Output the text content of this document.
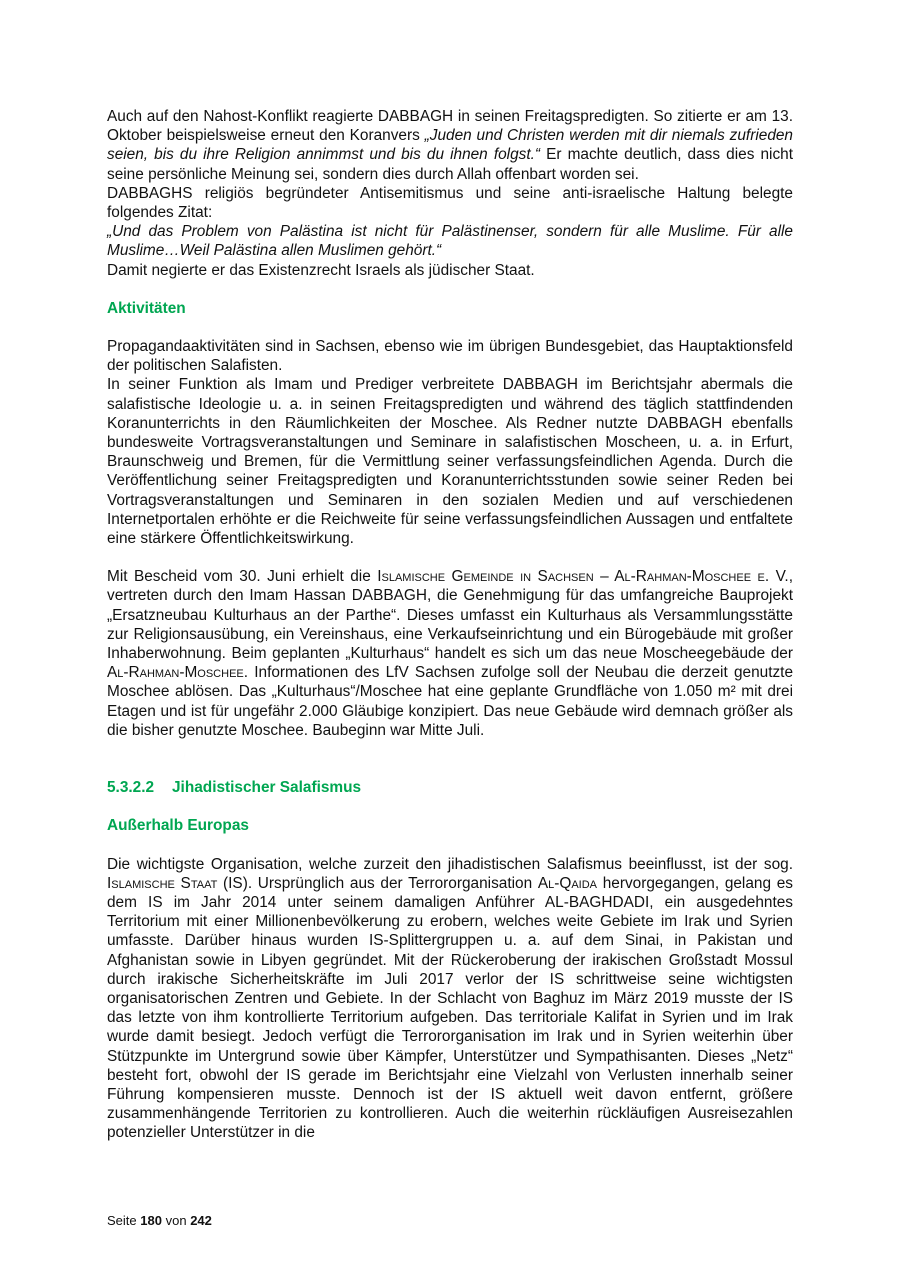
Auch auf den Nahost-Konflikt reagierte DABBAGH in seinen Freitagspredigten. So zitierte er am 13. Oktober beispielsweise erneut den Koranvers „Juden und Christen werden mit dir niemals zufrieden seien, bis du ihre Religion annimmst und bis du ihnen folgst.“ Er machte deutlich, dass dies nicht seine persönliche Meinung sei, sondern dies durch Allah offenbart worden sei.

DABBAGHS religiös begründeter Antisemitismus und seine anti-israelische Haltung belegte folgendes Zitat:

„Und das Problem von Palästina ist nicht für Palästinenser, sondern für alle Muslime. Für alle Muslime…Weil Palästina allen Muslimen gehört.“

Damit negierte er das Existenzrecht Israels als jüdischer Staat.

Aktivitäten

Propagandaaktivitäten sind in Sachsen, ebenso wie im übrigen Bundesgebiet, das Hauptaktionsfeld der politischen Salafisten.

In seiner Funktion als Imam und Prediger verbreitete DABBAGH im Berichtsjahr abermals die salafistische Ideologie u. a. in seinen Freitagspredigten und während des täglich stattfindenden Koranunterrichts in den Räumlichkeiten der Moschee. Als Redner nutzte DABBAGH ebenfalls bundesweite Vortragsveranstaltungen und Seminare in salafistischen Moscheen, u. a. in Erfurt, Braunschweig und Bremen, für die Vermittlung seiner verfassungsfeindlichen Agenda. Durch die Veröffentlichung seiner Freitagspredigten und Koranunterrichtsstunden sowie seiner Reden bei Vortragsveranstaltungen und Seminaren in den sozialen Medien und auf verschiedenen Internetportalen erhöhte er die Reichweite für seine verfassungsfeindlichen Aussagen und entfaltete eine stärkere Öffentlichkeitswirkung.

Mit Bescheid vom 30. Juni erhielt die Islamische Gemeinde in Sachsen – Al-Rahman-Moschee e. V., vertreten durch den Imam Hassan DABBAGH, die Genehmigung für das umfangreiche Bauprojekt „Ersatzneubau Kulturhaus an der Parthe“. Dieses umfasst ein Kulturhaus als Versammlungsstätte zur Religionsausübung, ein Vereinshaus, eine Verkaufseinrichtung und ein Bürogebäude mit großer Inhaberwohnung. Beim geplanten „Kulturhaus“ handelt es sich um das neue Moscheegebäude der Al-Rahman-Moschee. Informationen des LfV Sachsen zufolge soll der Neubau die derzeit genutzte Moschee ablösen. Das „Kulturhaus“/Moschee hat eine geplante Grundfläche von 1.050 m² mit drei Etagen und ist für ungefähr 2.000 Gläubige konzipiert. Das neue Gebäude wird demnach größer als die bisher genutzte Moschee. Baubeginn war Mitte Juli.

5.3.2.2 Jihadistischer Salafismus

Außerhalb Europas

Die wichtigste Organisation, welche zurzeit den jihadistischen Salafismus beeinflusst, ist der sog. Islamische Staat (IS). Ursprünglich aus der Terrororganisation Al-Qaida hervorgegangen, gelang es dem IS im Jahr 2014 unter seinem damaligen Anführer AL-BAGHDADI, ein ausgedehntes Territorium mit einer Millionenbevölkerung zu erobern, welches weite Gebiete im Irak und Syrien umfasste. Darüber hinaus wurden IS-Splittergruppen u. a. auf dem Sinai, in Pakistan und Afghanistan sowie in Libyen gegründet. Mit der Rückeroberung der irakischen Großstadt Mossul durch irakische Sicherheitskräfte im Juli 2017 verlor der IS schrittweise seine wichtigsten organisatorischen Zentren und Gebiete. In der Schlacht von Baghuz im März 2019 musste der IS das letzte von ihm kontrollierte Territorium aufgeben. Das territoriale Kalifat in Syrien und im Irak wurde damit besiegt. Jedoch verfügt die Terrororganisation im Irak und in Syrien weiterhin über Stützpunkte im Untergrund sowie über Kämpfer, Unterstützer und Sympathisanten. Dieses „Netz“ besteht fort, obwohl der IS gerade im Berichtsjahr eine Vielzahl von Verlusten innerhalb seiner Führung kompensieren musste. Dennoch ist der IS aktuell weit davon entfernt, größere zusammenhängende Territorien zu kontrollieren. Auch die weiterhin rückläufigen Ausreisezahlen potenzieller Unterstützer in die

Seite 180 von 242
